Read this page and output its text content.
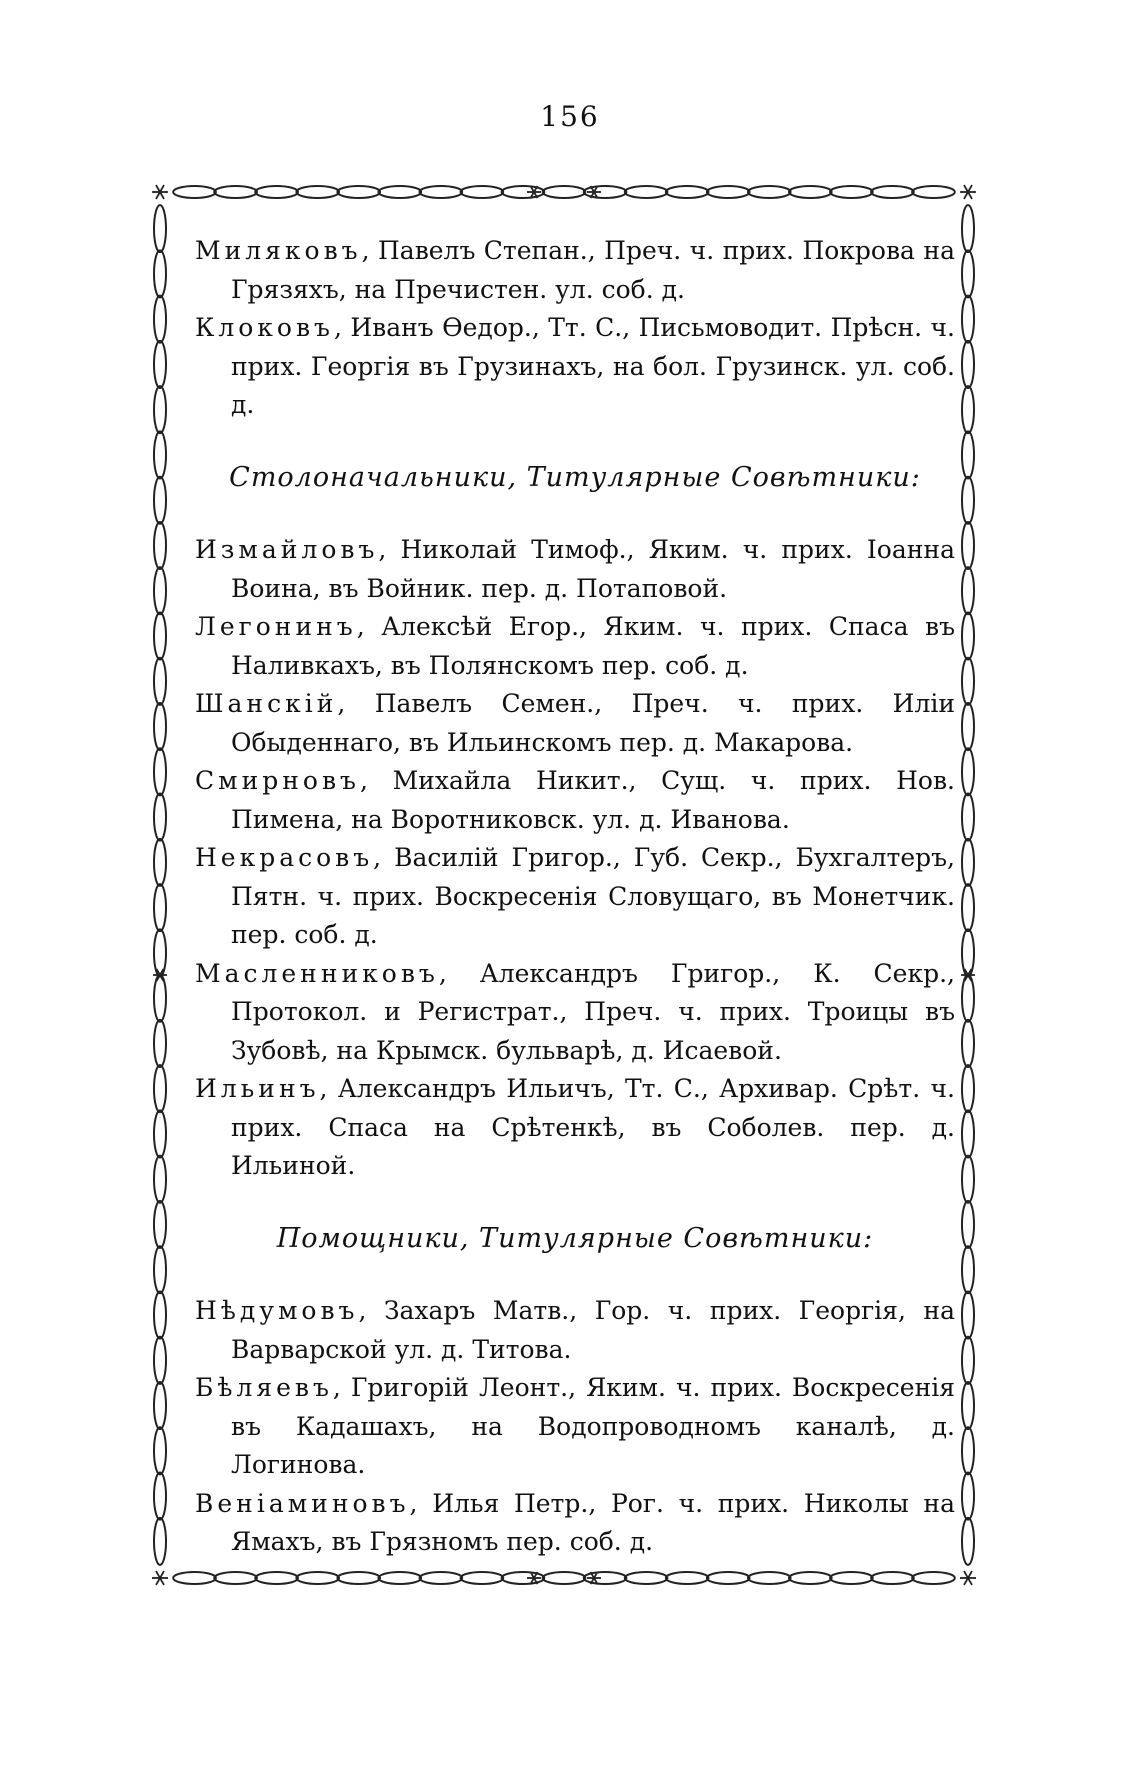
156
Миляковъ, Павелъ Степан., Преч. ч. прих. Покрова на Грязяхъ, на Пречистен. ул. соб. д.
Клоковъ, Иванъ Ѳедор., Тт. С., Письмоводит. Прѣсн. ч. прих. Георгія въ Грузинахъ, на бол. Грузинск. ул. соб. д.
Столоначальники, Титулярные Совѣтники:
Измайловъ, Николай Тимоф., Яким. ч. прих. Іоанна Воина, въ Войник. пер. д. Потаповой.
Легонинъ, Алексѣй Егор., Яким. ч. прих. Спаса въ Наливкахъ, въ Полянскомъ пер. соб. д.
Шанскій, Павелъ Семен., Преч. ч. прих. Иліи Обыденнаго, въ Ильинскомъ пер. д. Макарова.
Смирновъ, Михайла Никит., Сущ. ч. прих. Нов. Пимена, на Воротниковск. ул. д. Иванова.
Некрасовъ, Василій Григор., Губ. Секр., Бухгалтеръ, Пятн. ч. прих. Воскресенія Словущаго, въ Монетчик. пер. соб. д.
Масленниковъ, Александръ Григор., К. Секр., Протокол. и Регистрат., Преч. ч. прих. Троицы въ Зубовѣ, на Крымск. бульварѣ, д. Исаевой.
Ильинъ, Александръ Ильичъ, Тт. С., Архивар. Срѣт. ч. прих. Спаса на Срѣтенкѣ, въ Соболев. пер. д. Ильиной.
Помощники, Титулярные Совѣтники:
Нѣдумовъ, Захаръ Матв., Гор. ч. прих. Георгія, на Варварской ул. д. Титова.
Бѣляевъ, Григорій Леонт., Яким. ч. прих. Воскресенія въ Кадашахъ, на Водопроводномъ каналѣ, д. Логинова.
Веніаминовъ, Илья Петр., Рог. ч. прих. Николы на Ямахъ, въ Грязномъ пер. соб. д.
